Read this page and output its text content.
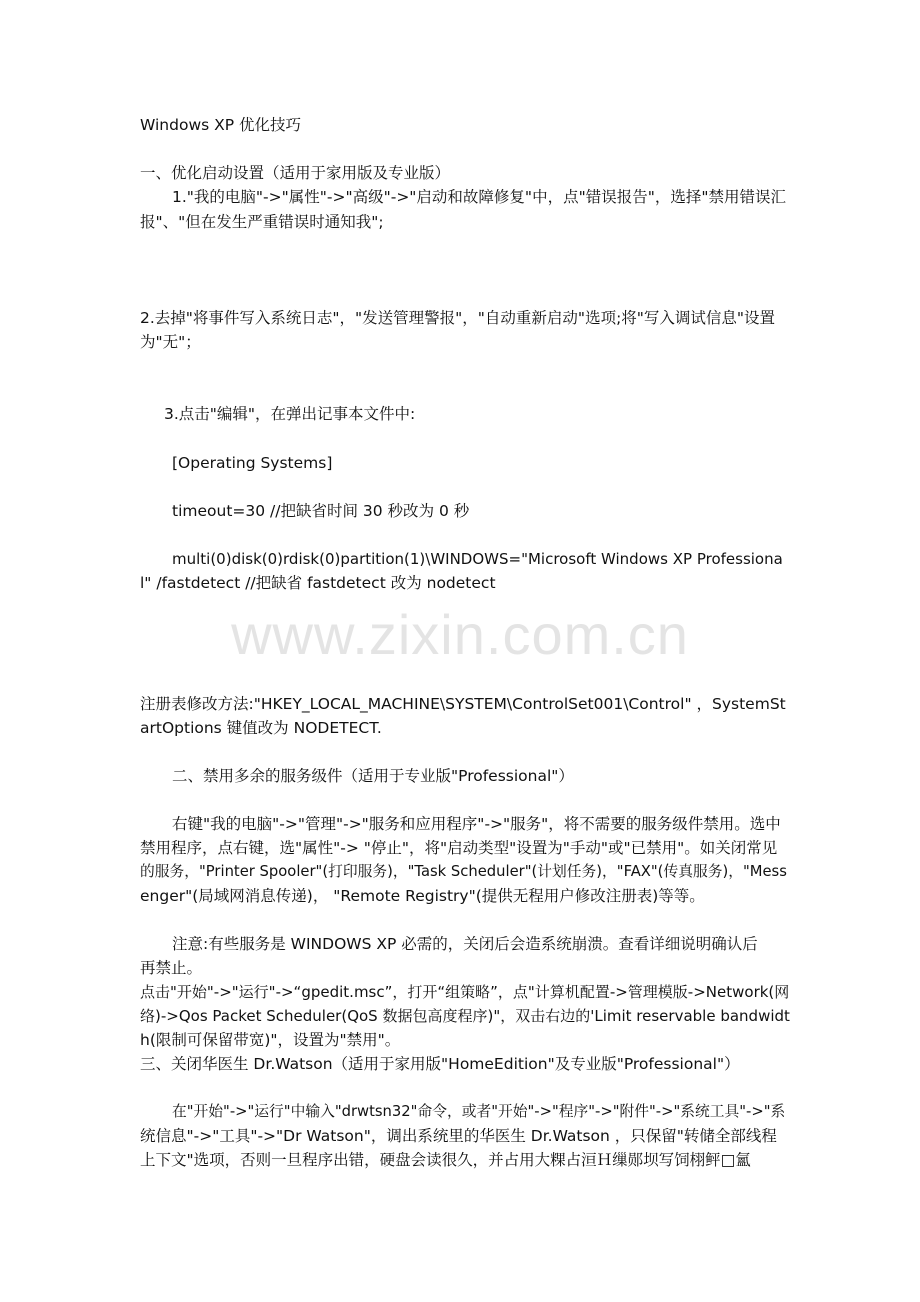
www.zixin.com.cn
Windows XP 优化技巧
一、优化启动设置（适用于家用版及专业版）
1."我的电脑"->"属性"->"高级"->"启动和故障修复"中，点"错误报告"，选择"禁用错误汇
报"、"但在发生严重错误时通知我";
2.去掉"将事件写入系统日志"，"发送管理警报"，"自动重新启动"选项;将"写入调试信息"设置
为"无"；
3.点击"编辑"，在弹出记事本文件中:
[Operating Systems]
timeout=30 //把缺省时间 30 秒改为 0 秒
multi(0)disk(0)rdisk(0)partition(1)\WINDOWS="Microsoft Windows XP Professiona
l" /fastdetect //把缺省 fastdetect 改为 nodetect
注册表修改方法:"HKEY_LOCAL_MACHINE\SYSTEM\ControlSet001\Control" ，SystemSt
artOptions 键值改为 NODETECT.
二、禁用多余的服务级件（适用于专业版"Professional"）
右键"我的电脑"->"管理"->"服务和应用程序"->"服务"，将不需要的服务级件禁用。选中
禁用程序，点右键，选"属性"-> "停止"，将"启动类型"设置为"手动"或"已禁用"。如关闭常见
的服务，"Printer Spooler"(打印服务)，"Task Scheduler"(计划任务)，"FAX"(传真服务)，"Mess
enger"(局域网消息传递)， "Remote Registry"(提供无程用户修改注册表)等等。
注意:有些服务是 WINDOWS XP 必需的，关闭后会造系统崩溃。查看详细说明确认后
再禁止。
点击"开始"->"运行"->“gpedit.msc”，打开“组策略”，点"计算机配置->管理模版->Network(网
络)->Qos Packet Scheduler(QoS 数据包高度程序)"，双击右边的'Limit reservable bandwidt
h(限制可保留带宽)"，设置为"禁用"。
三、关闭华医生 Dr.Watson（适用于家用版"HomeEdition"及专业版"Professional"）
在"开始"->"运行"中输入"drwtsn32"命令，或者"开始"->"程序"->"附件"->"系统工具"->"系
统信息"->"工具"->"Dr Watson"，调出系统里的华医生 Dr.Watson ，只保留"转储全部线程
上下文"选项，否则一旦程序出错，硬盘会读很久，并占用大粿占洹Ｈ缫郧坝写饲栩鲆□氳
